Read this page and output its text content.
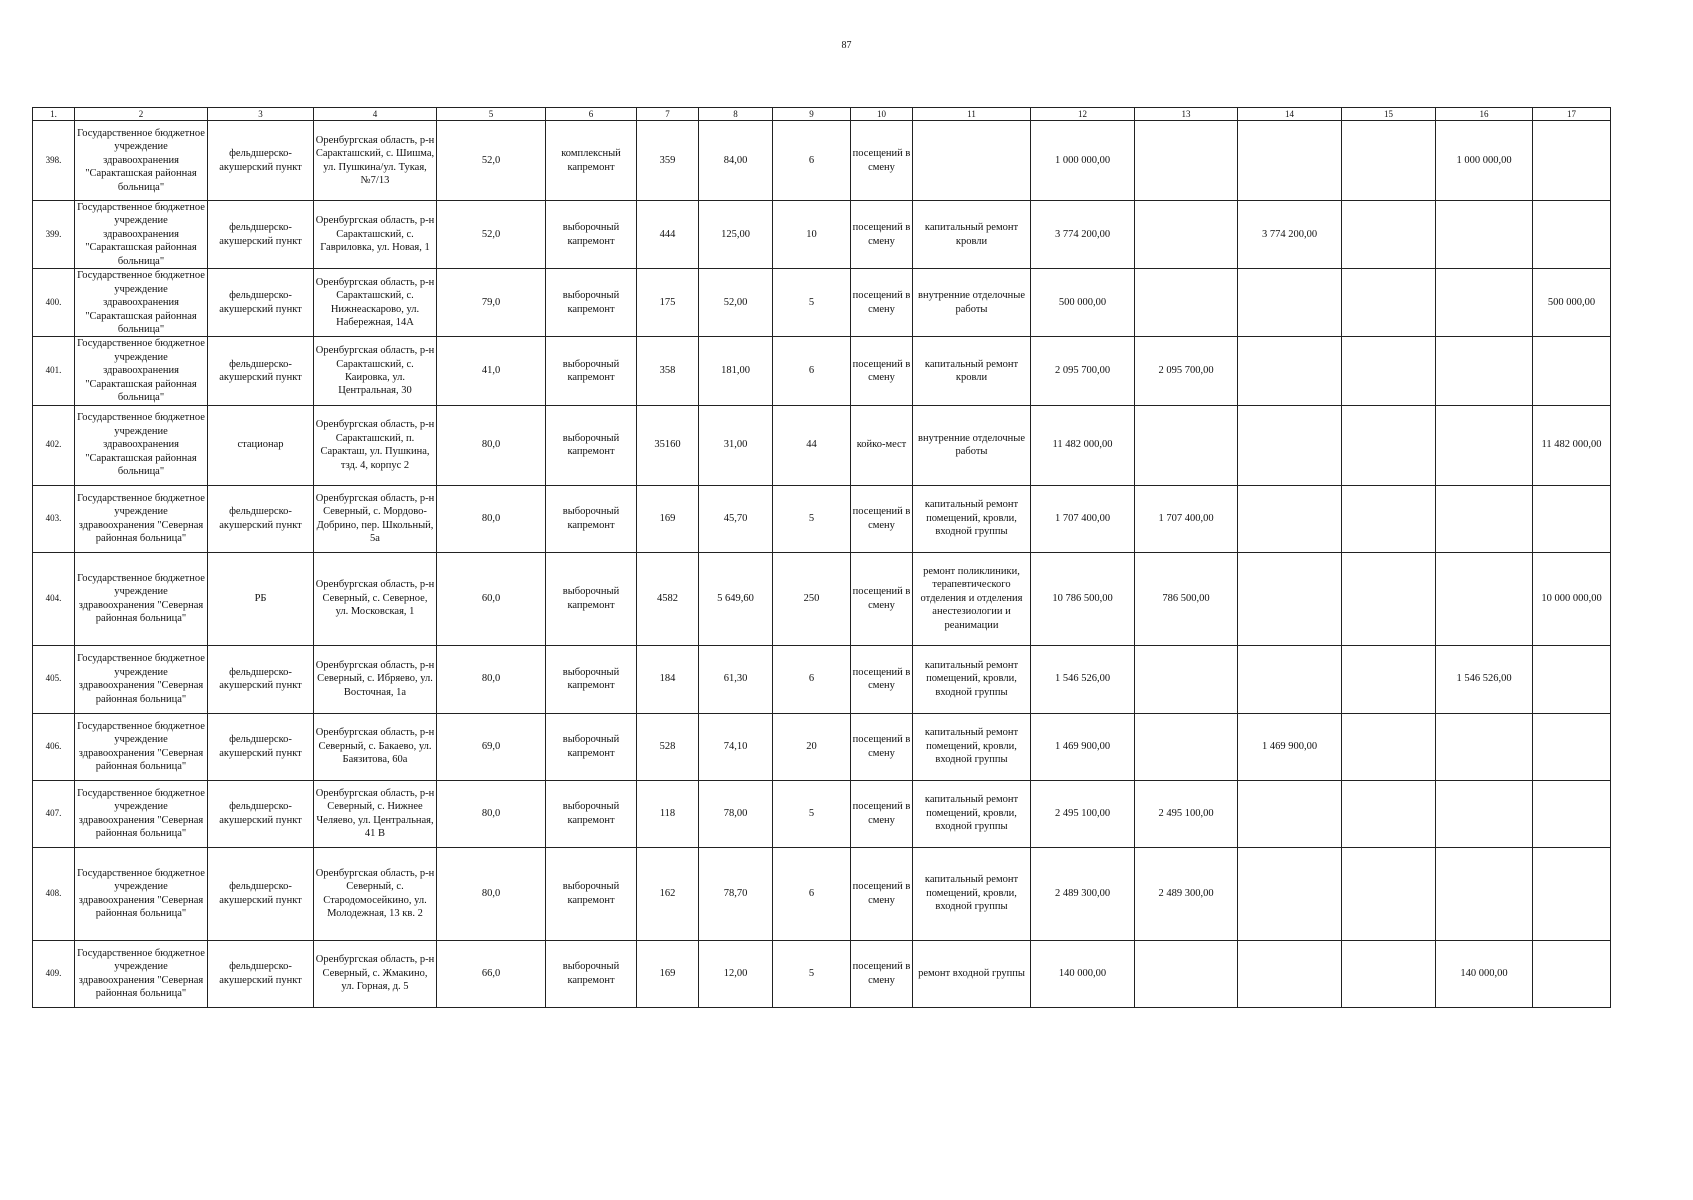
87
1.	2	3	4	5	6	7	8	9	10	11	12	13	14	15	16	17
398.	Государственное бюджетное учреждение здравоохранения "Саракташская районная больница"	фельдшерско-акушерский пункт	Оренбургская область, р-н Саракташский, с. Шишма, ул. Пушкина/ул. Тукая, №7/13	52,0	комплексный капремонт	359	84,00	6	посещений в смену		1 000 000,00				1 000 000,00	
399.	Государственное бюджетное учреждение здравоохранения "Саракташская районная больница"	фельдшерско-акушерский пункт	Оренбургская область, р-н Саракташский, с. Гавриловка, ул. Новая, 1	52,0	выборочный капремонт	444	125,00	10	посещений в смену	капитальный ремонт кровли	3 774 200,00		3 774 200,00			
400.	Государственное бюджетное учреждение здравоохранения "Саракташская районная больница"	фельдшерско-акушерский пункт	Оренбургская область, р-н Саракташский, с. Нижнеаскарово, ул. Набережная, 14А	79,0	выборочный капремонт	175	52,00	5	посещений в смену	внутренние отделочные работы	500 000,00					500 000,00
401.	Государственное бюджетное учреждение здравоохранения "Саракташская районная больница"	фельдшерско-акушерский пункт	Оренбургская область, р-н Саракташский, с. Каировка, ул. Центральная, 30	41,0	выборочный капремонт	358	181,00	6	посещений в смену	капитальный ремонт кровли	2 095 700,00	2 095 700,00				
402.	Государственное бюджетное учреждение здравоохранения "Саракташская районная больница"	стационар	Оренбургская область, р-н Саракташский, п. Саракташ, ул. Пушкина, тзд. 4, корпус 2	80,0	выборочный капремонт	35160	31,00	44	койко-мест	внутренние отделочные работы	11 482 000,00					11 482 000,00
403.	Государственное бюджетное учреждение здравоохранения "Северная районная больница"	фельдшерско-акушерский пункт	Оренбургская область, р-н Северный, с. Мордово-Добрино, пер. Школьный, 5а	80,0	выборочный капремонт	169	45,70	5	посещений в смену	капитальный ремонт помещений, кровли, входной группы	1 707 400,00	1 707 400,00				
404.	Государственное бюджетное учреждение здравоохранения "Северная районная больница"	РБ	Оренбургская область, р-н Северный, с. Северное, ул. Московская, 1	60,0	выборочный капремонт	4582	5 649,60	250	посещений в смену	ремонт поликлиники, терапевтического отделения и отделения анестезиологии и реанимации	10 786 500,00	786 500,00				10 000 000,00
405.	Государственное бюджетное учреждение здравоохранения "Северная районная больница"	фельдшерско-акушерский пункт	Оренбургская область, р-н Северный, с. Ибряево, ул. Восточная, 1а	80,0	выборочный капремонт	184	61,30	6	посещений в смену	капитальный ремонт помещений, кровли, входной группы	1 546 526,00				1 546 526,00	
406.	Государственное бюджетное учреждение здравоохранения "Северная районная больница"	фельдшерско-акушерский пункт	Оренбургская область, р-н Северный, с. Бакаево, ул. Баязитова, 60а	69,0	выборочный капремонт	528	74,10	20	посещений в смену	капитальный ремонт помещений, кровли, входной группы	1 469 900,00		1 469 900,00			
407.	Государственное бюджетное учреждение здравоохранения "Северная районная больница"	фельдшерско-акушерский пункт	Оренбургская область, р-н Северный, с. Нижнее Челяево, ул. Центральная, 41 В	80,0	выборочный капремонт	118	78,00	5	посещений в смену	капитальный ремонт помещений, кровли, входной группы	2 495 100,00	2 495 100,00				
408.	Государственное бюджетное учреждение здравоохранения "Северная районная больница"	фельдшерско-акушерский пункт	Оренбургская область, р-н Северный, с. Стародомосейкино, ул. Молодежная, 13 кв. 2	80,0	выборочный капремонт	162	78,70	6	посещений в смену	капитальный ремонт помещений, кровли, входной группы	2 489 300,00	2 489 300,00				
409.	Государственное бюджетное учреждение здравоохранения "Северная районная больница"	фельдшерско-акушерский пункт	Оренбургская область, р-н Северный, с. Жмакино, ул. Горная, д. 5	66,0	выборочный капремонт	169	12,00	5	посещений в смену	ремонт входной группы	140 000,00				140 000,00	
